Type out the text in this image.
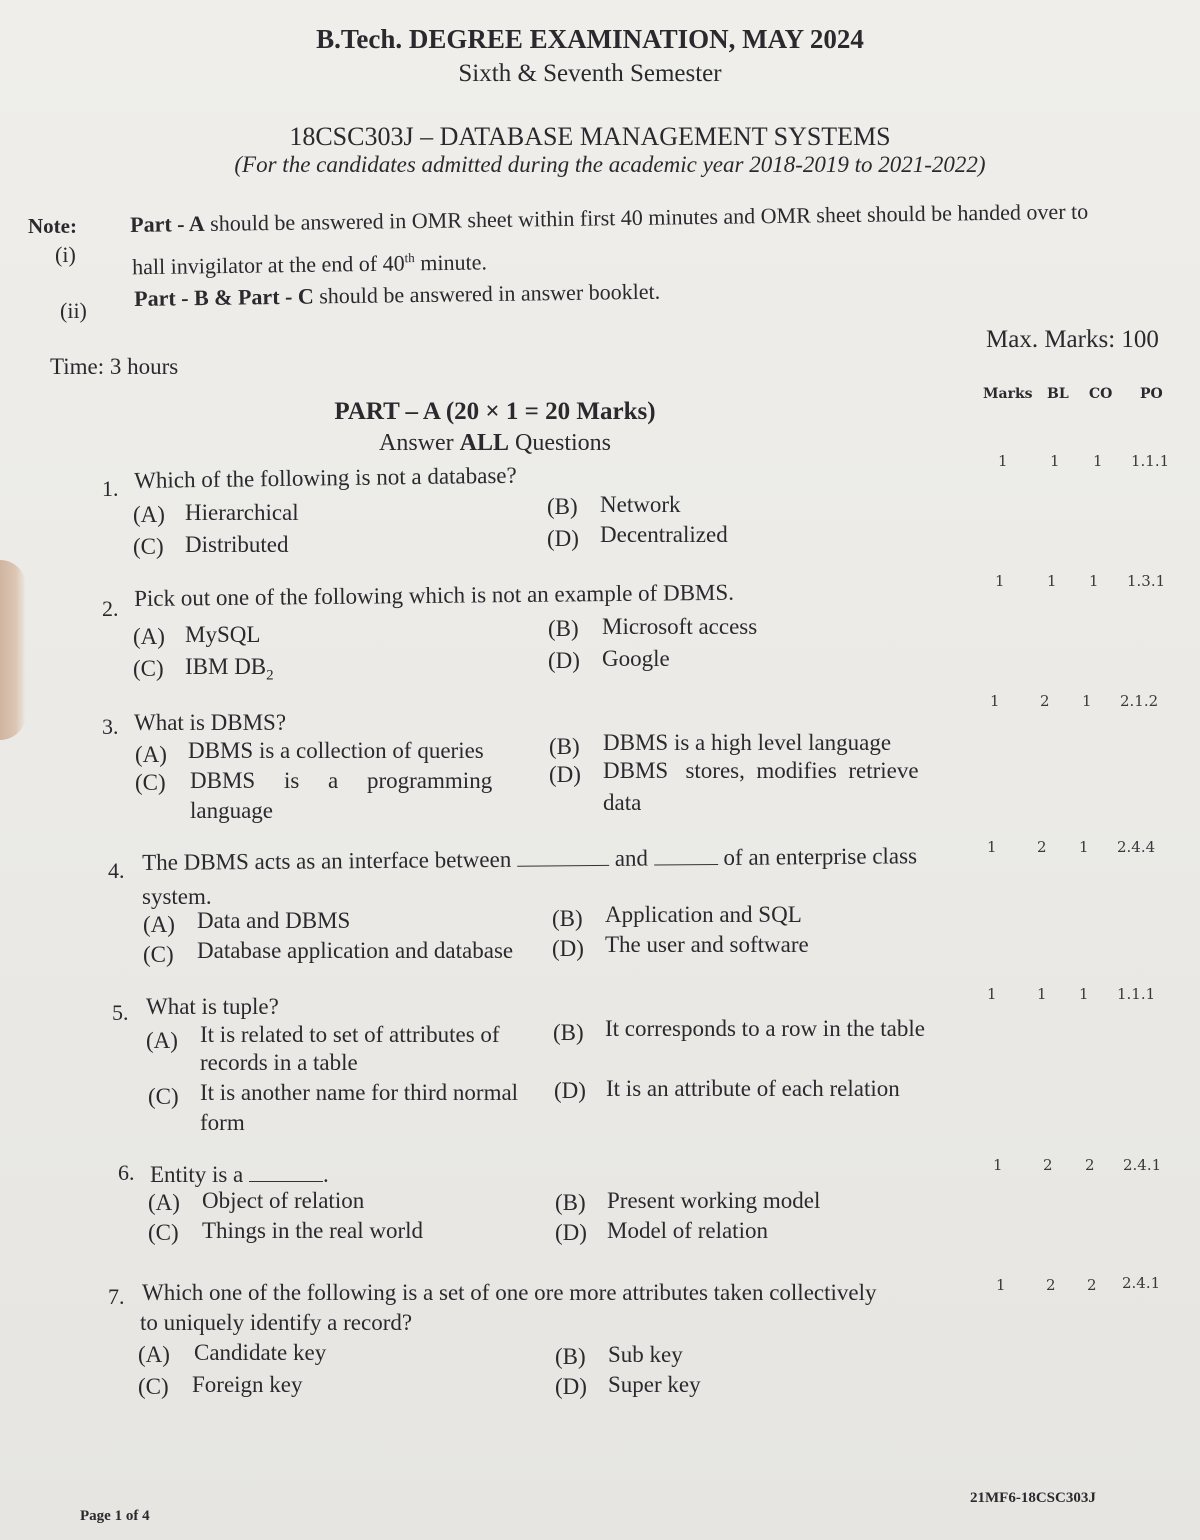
B.Tech. DEGREE EXAMINATION, MAY 2024
Sixth & Seventh Semester
18CSC303J – DATABASE MANAGEMENT SYSTEMS
(For the candidates admitted during the academic year 2018-2019 to 2021-2022)
Note:
(i)
Part - A should be answered in OMR sheet within first 40 minutes and OMR sheet should be handed over to
hall invigilator at the end of 40th minute.
(ii) Part - B & Part - C should be answered in answer booklet.
Max. Marks: 100
Time: 3 hours
Marks BL CO PO
PART – A (20 × 1 = 20 Marks)
Answer ALL Questions
1. Which of the following is not a database?
(A) Hierarchical	(B) Network
(C) Distributed	(D) Decentralized
1	1 1 1.1.1
2. Pick out one of the following which is not an example of DBMS.
(A) MySQL	(B) Microsoft access
(C) IBM $DB_2$
(D) Google
1	1 1 1.3.1
3. What is DBMS?
(A) DBMS is a collection of queries	(B) DBMS is a high level language
(C) DBMS     is     a     programming
language
(D) DBMS   stores,  modifies  retrieve
data
1	2 1 2.1.2
4. The DBMS acts as an interface between	and	of an enterprise class
system.
(A) Data and DBMS	(B) Application and SQL
(C) Database application and database (D) The user and software
1	2 1 2.4.4
5. What is tuple?
(A) It is related to set of attributes of
records in a table
(B) It corresponds to a row in the table
(C) It is another name for third normal
form
(D) It is an attribute of each relation
1	1 1 1.1.1
6. Entity is a	.
(A) Object of relation	(B) Present working model
(C) Things in the real world	(D) Model of relation
1	2 2 2.4.1
7. Which one of the following is a set of one ore more attributes taken collectively
to uniquely identify a record?
(A) Candidate key	(B) Sub key
(C) Foreign key	(D) Super key
1	2 2 2.4.1
Page 1 of 4
21MF6-18CSC303J
